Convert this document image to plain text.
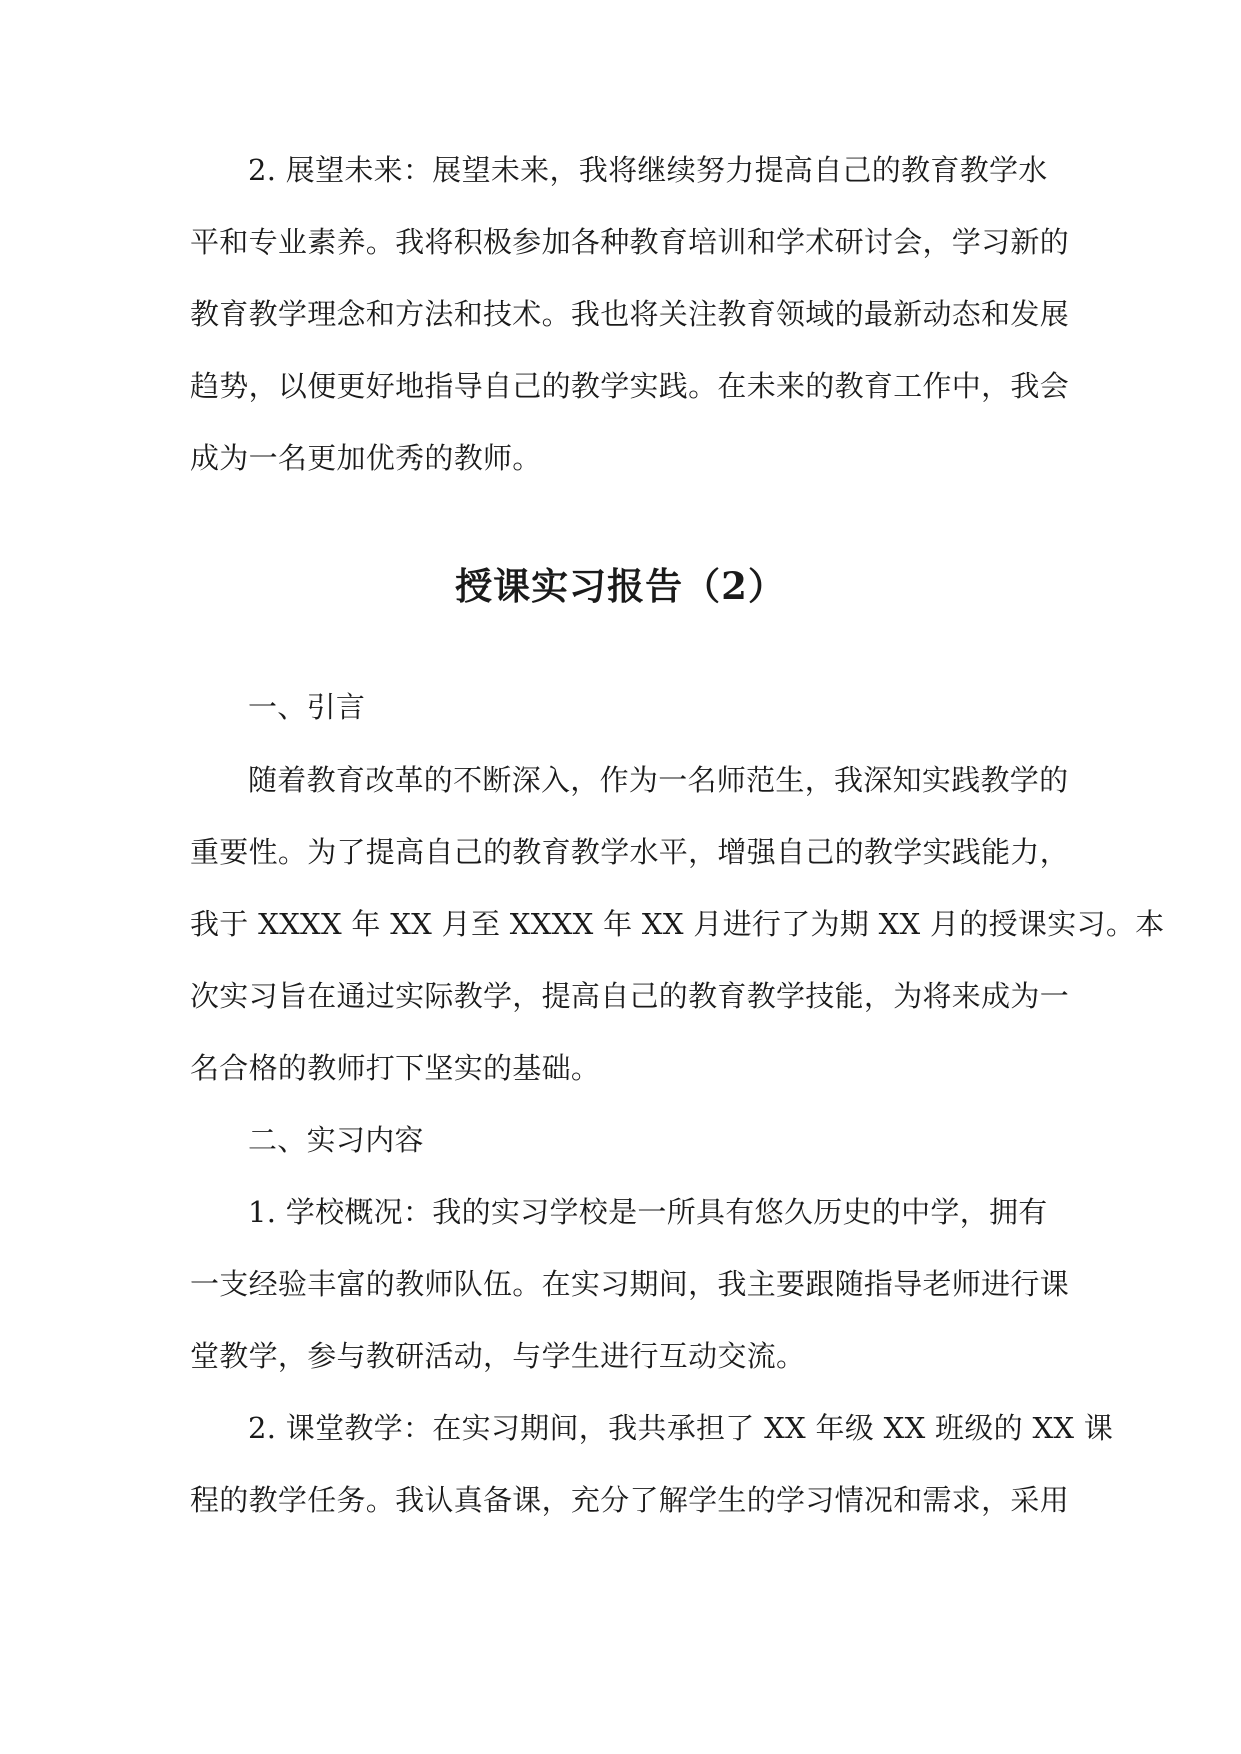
2. 展望未来：展望未来，我将继续努力提高自己的教育教学水
平和专业素养。我将积极参加各种教育培训和学术研讨会，学习新的
教育教学理念和方法和技术。我也将关注教育领域的最新动态和发展
趋势，以便更好地指导自己的教学实践。在未来的教育工作中，我会
成为一名更加优秀的教师。
授课实习报告（2）
一、引言
随着教育改革的不断深入，作为一名师范生，我深知实践教学的
重要性。为了提高自己的教育教学水平，增强自己的教学实践能力，
我于 XXXX 年 XX 月至 XXXX 年 XX 月进行了为期 XX 月的授课实习。本
次实习旨在通过实际教学，提高自己的教育教学技能，为将来成为一
名合格的教师打下坚实的基础。
二、实习内容
1. 学校概况：我的实习学校是一所具有悠久历史的中学，拥有
一支经验丰富的教师队伍。在实习期间，我主要跟随指导老师进行课
堂教学，参与教研活动，与学生进行互动交流。
2. 课堂教学：在实习期间，我共承担了 XX 年级 XX 班级的 XX 课
程的教学任务。我认真备课，充分了解学生的学习情况和需求，采用
